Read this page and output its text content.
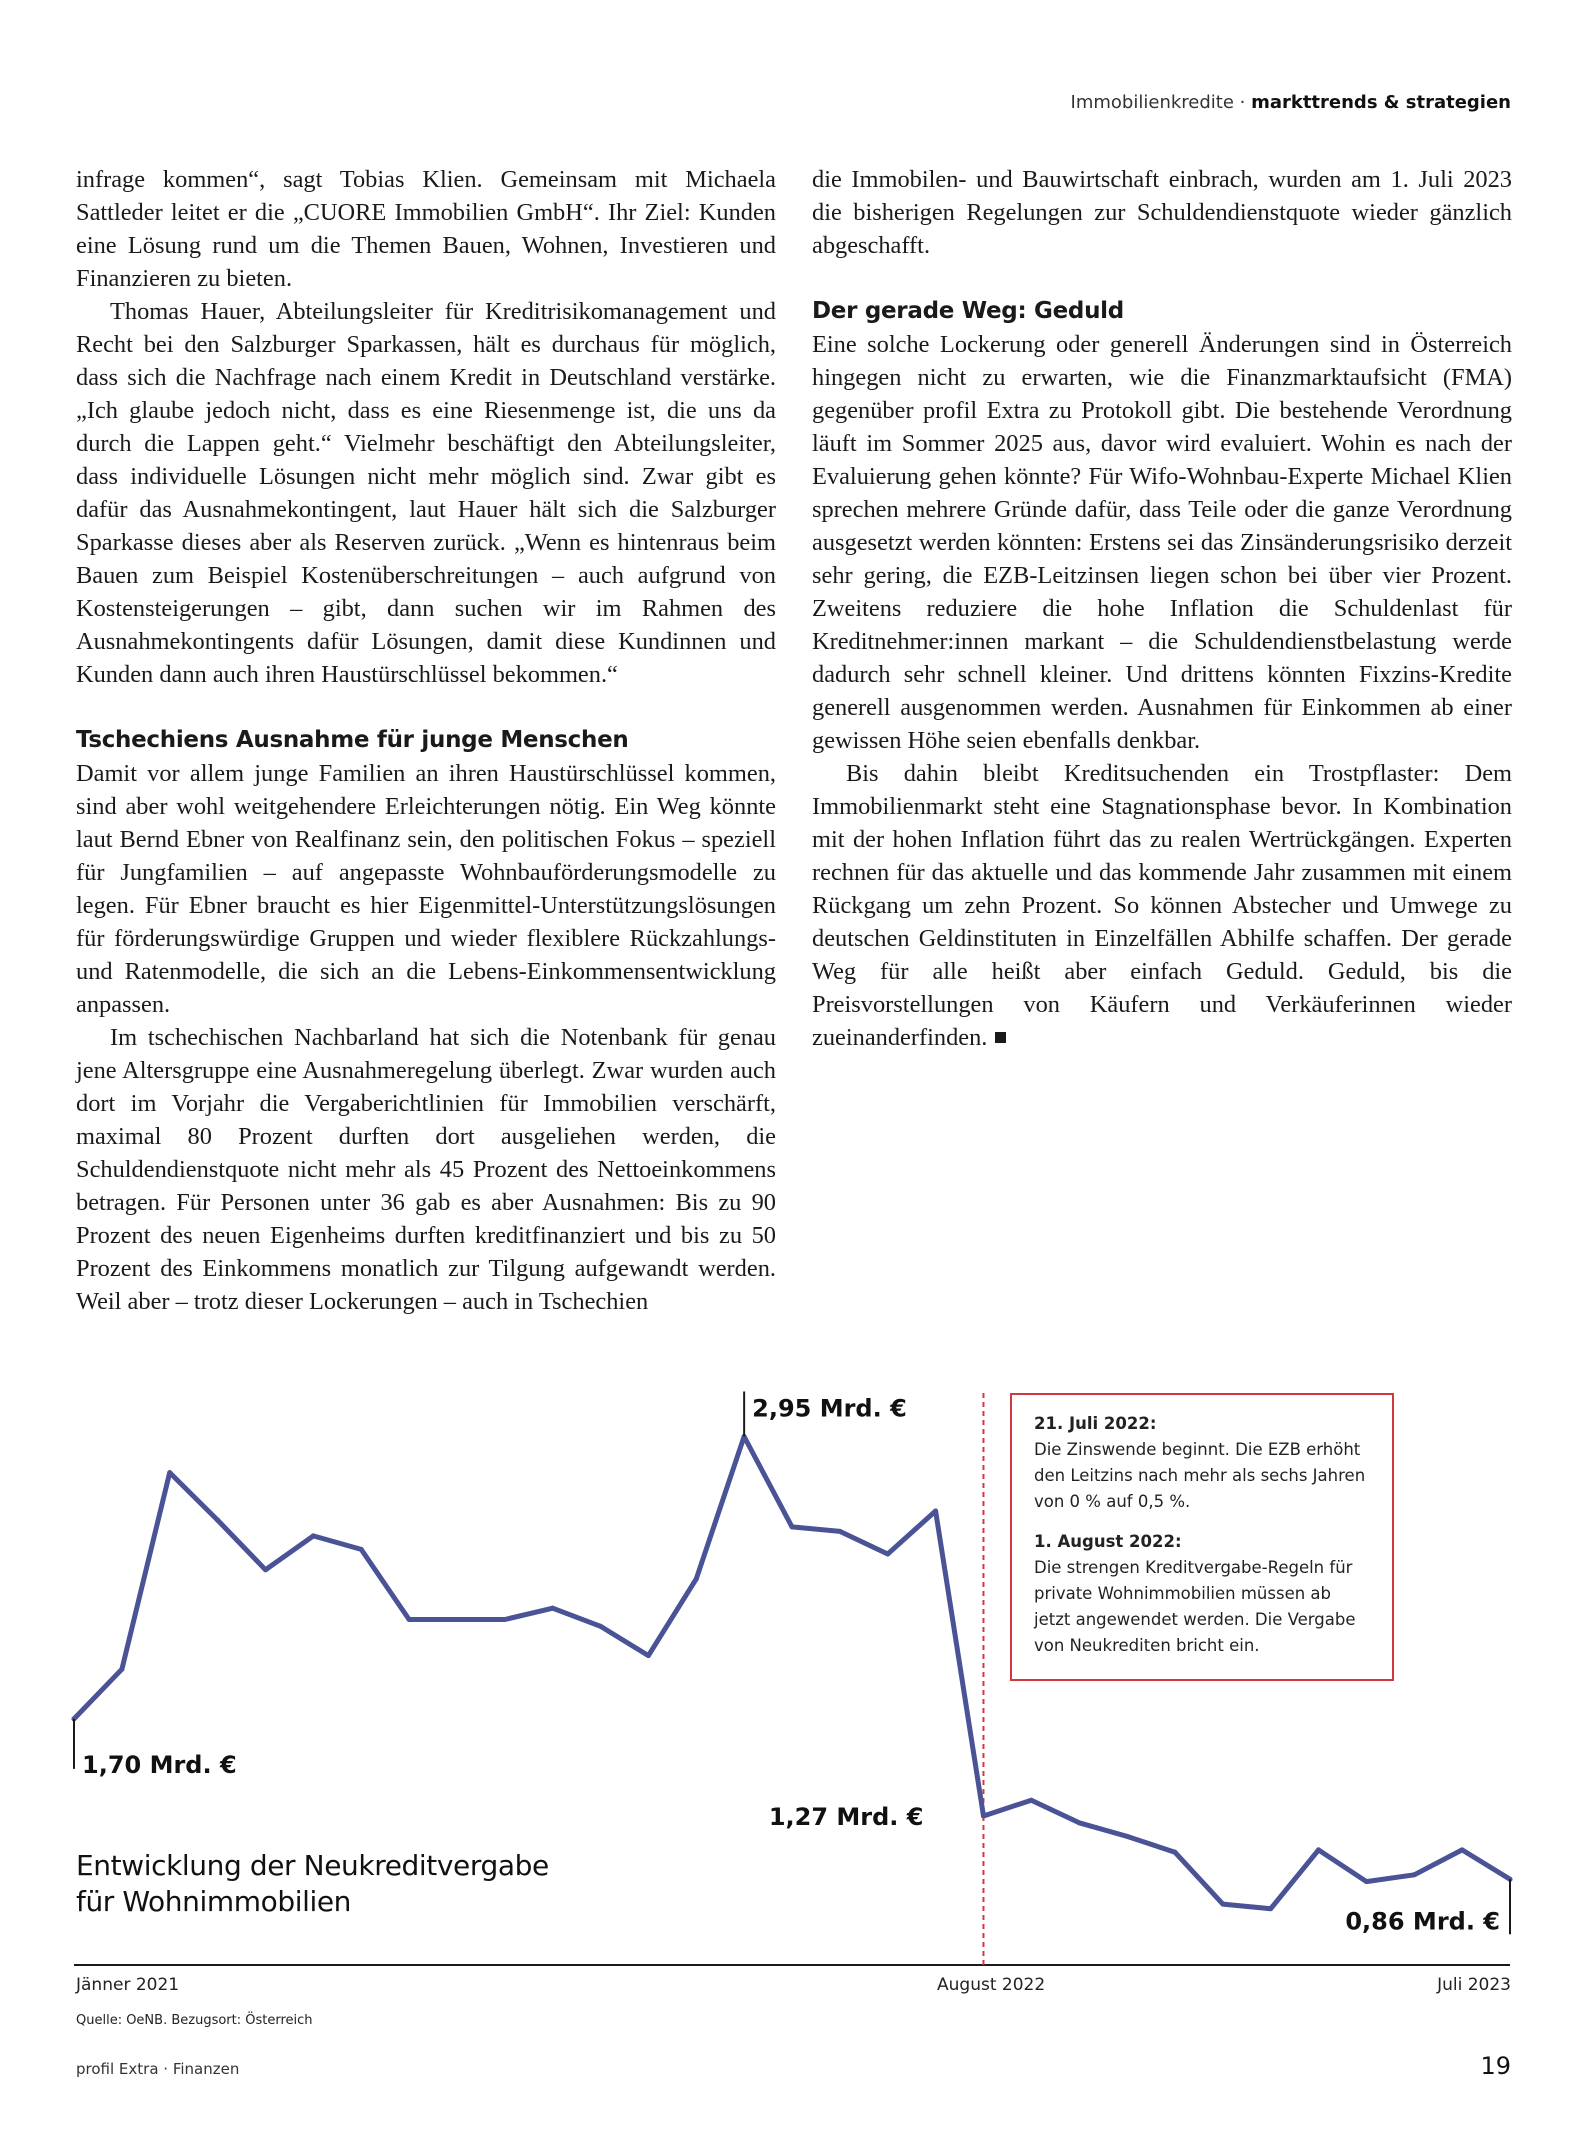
Immobilienkredite · markttrends & strategien

infrage kommen“, sagt Tobias Klien. Gemeinsam mit Michaela Sattleder leitet er die „CUORE Immobilien GmbH“. Ihr Ziel: Kunden eine Lösung rund um die Themen Bauen, Wohnen, Investieren und Finanzieren zu bieten.

Thomas Hauer, Abteilungsleiter für Kreditrisikomanagement und Recht bei den Salzburger Sparkassen, hält es durchaus für möglich, dass sich die Nachfrage nach einem Kredit in Deutschland verstärke. „Ich glaube jedoch nicht, dass es eine Riesenmenge ist, die uns da durch die Lappen geht.“ Vielmehr beschäftigt den Abteilungsleiter, dass individuelle Lösungen nicht mehr möglich sind. Zwar gibt es dafür das Ausnahmekontingent, laut Hauer hält sich die Salzburger Sparkasse dieses aber als Reserven zurück. „Wenn es hintenraus beim Bauen zum Beispiel Kostenüberschreitungen – auch aufgrund von Kostensteigerungen – gibt, dann suchen wir im Rahmen des Ausnahmekontingents dafür Lösungen, damit diese Kundinnen und Kunden dann auch ihren Haustürschlüssel bekommen.“

Tschechiens Ausnahme für junge Menschen

Damit vor allem junge Familien an ihren Haustürschlüssel kommen, sind aber wohl weitgehendere Erleichterungen nötig. Ein Weg könnte laut Bernd Ebner von Realfinanz sein, den politischen Fokus – speziell für Jungfamilien – auf angepasste Wohnbauförderungsmodelle zu legen. Für Ebner braucht es hier Eigenmittel-Unterstützungslösungen für förderungswürdige Gruppen und wieder flexiblere Rückzahlungs- und Ratenmodelle, die sich an die Lebens-Einkommensentwicklung anpassen.

Im tschechischen Nachbarland hat sich die Notenbank für genau jene Altersgruppe eine Ausnahmeregelung überlegt. Zwar wurden auch dort im Vorjahr die Vergaberichtlinien für Immobilien verschärft, maximal 80 Prozent durften dort ausgeliehen werden, die Schuldendienstquote nicht mehr als 45 Prozent des Nettoeinkommens betragen. Für Personen unter 36 gab es aber Ausnahmen: Bis zu 90 Prozent des neuen Eigenheims durften kreditfinanziert und bis zu 50 Prozent des Einkommens monatlich zur Tilgung aufgewandt werden. Weil aber – trotz dieser Lockerungen – auch in Tschechien

die Immobilen- und Bauwirtschaft einbrach, wurden am 1. Juli 2023 die bisherigen Regelungen zur Schuldendienstquote wieder gänzlich abgeschafft.

Der gerade Weg: Geduld

Eine solche Lockerung oder generell Änderungen sind in Österreich hingegen nicht zu erwarten, wie die Finanzmarktaufsicht (FMA) gegenüber profil Extra zu Protokoll gibt. Die bestehende Verordnung läuft im Sommer 2025 aus, davor wird evaluiert. Wohin es nach der Evaluierung gehen könnte? Für Wifo-Wohnbau-Experte Michael Klien sprechen mehrere Gründe dafür, dass Teile oder die ganze Verordnung ausgesetzt werden könnten: Erstens sei das Zinsänderungsrisiko derzeit sehr gering, die EZB-Leitzinsen liegen schon bei über vier Prozent. Zweitens reduziere die hohe Inflation die Schuldenlast für Kreditnehmer:innen markant – die Schuldendienstbelastung werde dadurch sehr schnell kleiner. Und drittens könnten Fixzins-Kredite generell ausgenommen werden. Ausnahmen für Einkommen ab einer gewissen Höhe seien ebenfalls denkbar.

Bis dahin bleibt Kreditsuchenden ein Trostpflaster: Dem Immobilienmarkt steht eine Stagnationsphase bevor. In Kombination mit der hohen Inflation führt das zu realen Wertrückgängen. Experten rechnen für das aktuelle und das kommende Jahr zusammen mit einem Rückgang um zehn Prozent. So können Abstecher und Umwege zu deutschen Geldinstituten in Einzelfällen Abhilfe schaffen. Der gerade Weg für alle heißt aber einfach Geduld. Geduld, bis die Preisvorstellungen von Käufern und Verkäuferinnen wieder zueinanderfinden.

1,70 Mrd. €
2,95 Mrd. €
1,27 Mrd. €
0,86 Mrd. €
Entwicklung der Neukreditvergabe
für Wohnimmobilien
21. Juli 2022:
Die Zinswende beginnt. Die EZB erhöht den Leitzins nach mehr als sechs Jahren von 0 % auf 0,5 %.
1. August 2022:
Die strengen Kreditvergabe-Regeln für private Wohnimmobilien müssen ab jetzt angewendet werden. Die Vergabe von Neukrediten bricht ein.
Jänner 2021	August 2022	Juli 2023
Quelle: OeNB. Bezugsort: Österreich
profil Extra · Finanzen	19
